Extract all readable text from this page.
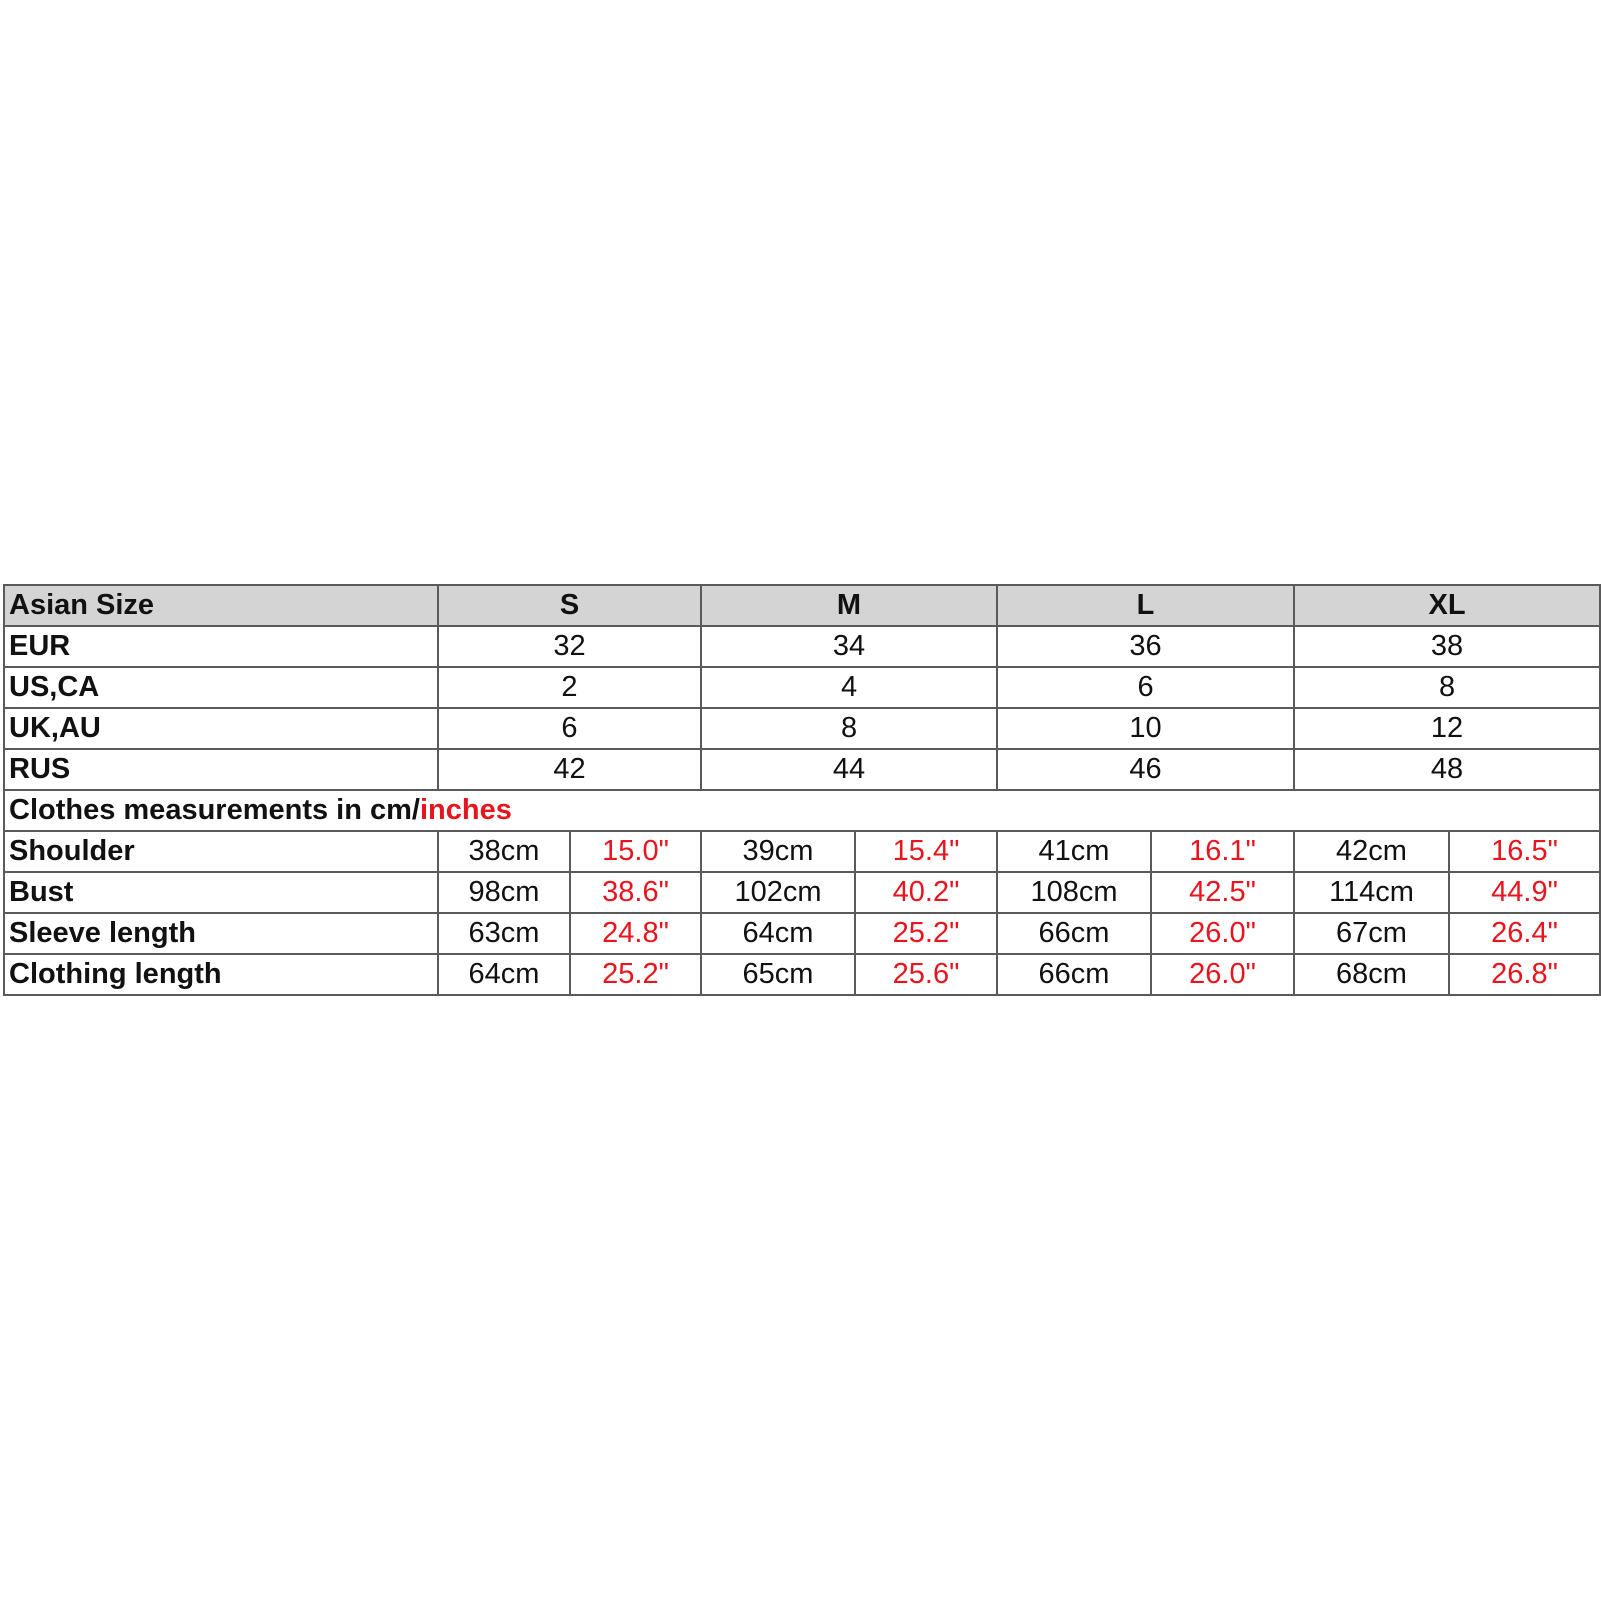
Asian Size	S		M		L		XL	
EUR	32		34		36		38	
US,CA	2		4		6		8	
UK,AU	6		8		10		12	
RUS	42		44		46		48	
Clothes measurements in cm/inches								
Shoulder	38cm	15.0"	39cm	15.4"	41cm	16.1"	42cm	16.5"
Bust	98cm	38.6"	102cm	40.2"	108cm	42.5"	114cm	44.9"
Sleeve length	63cm	24.8"	64cm	25.2"	66cm	26.0"	67cm	26.4"
Clothing length	64cm	25.2"	65cm	25.6"	66cm	26.0"	68cm	26.8"
